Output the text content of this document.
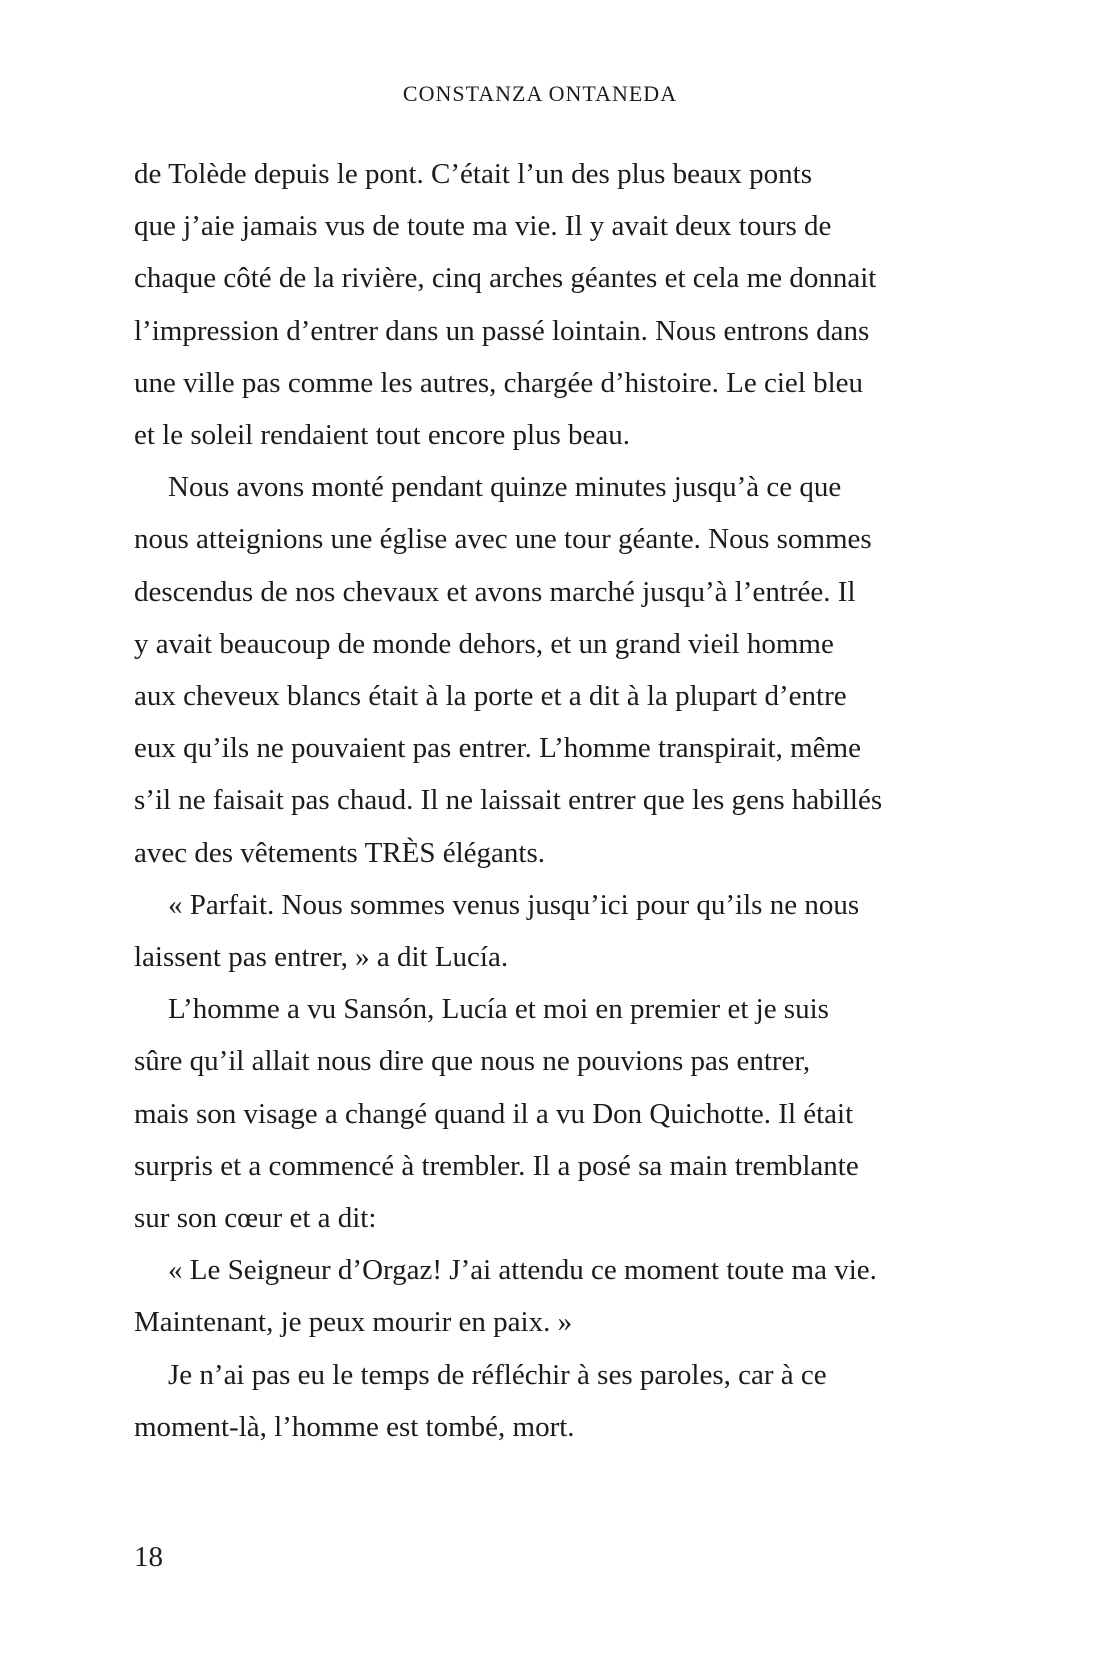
CONSTANZA ONTANEDA
de Tolède depuis le pont. C’était l’un des plus beaux ponts
que j’aie jamais vus de toute ma vie. Il y avait deux tours de
chaque côté de la rivière, cinq arches géantes et cela me donnait
l’impression d’entrer dans un passé lointain. Nous entrons dans
une ville pas comme les autres, chargée d’histoire. Le ciel bleu
et le soleil rendaient tout encore plus beau.
Nous avons monté pendant quinze minutes jusqu’à ce que
nous atteignions une église avec une tour géante. Nous sommes
descendus de nos chevaux et avons marché jusqu’à l’entrée. Il
y avait beaucoup de monde dehors, et un grand vieil homme
aux cheveux blancs était à la porte et a dit à la plupart d’entre
eux qu’ils ne pouvaient pas entrer. L’homme transpirait, même
s’il ne faisait pas chaud. Il ne laissait entrer que les gens habillés
avec des vêtements TRÈS élégants.
« Parfait. Nous sommes venus jusqu’ici pour qu’ils ne nous
laissent pas entrer, » a dit Lucía.
L’homme a vu Sansón, Lucía et moi en premier et je suis
sûre qu’il allait nous dire que nous ne pouvions pas entrer,
mais son visage a changé quand il a vu Don Quichotte. Il était
surpris et a commencé à trembler. Il a posé sa main tremblante
sur son cœur et a dit:
« Le Seigneur d’Orgaz! J’ai attendu ce moment toute ma vie.
Maintenant, je peux mourir en paix. »
Je n’ai pas eu le temps de réfléchir à ses paroles, car à ce
moment-là, l’homme est tombé, mort.
18
